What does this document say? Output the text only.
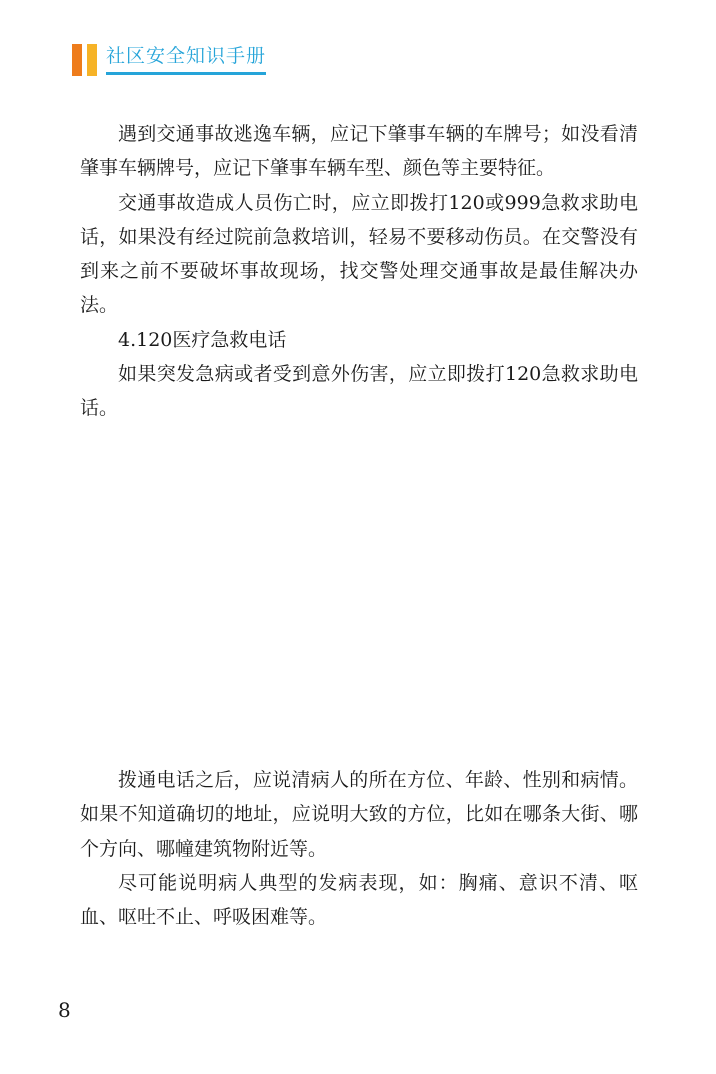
社区安全知识手册

遇到交通事故逃逸车辆，应记下肇事车辆的车牌号；如没看清肇事车辆牌号，应记下肇事车辆车型、颜色等主要特征。

交通事故造成人员伤亡时，应立即拨打120或999急救求助电话，如果没有经过院前急救培训，轻易不要移动伤员。在交警没有到来之前不要破坏事故现场，找交警处理交通事故是最佳解决办法。

4.120医疗急救电话

如果突发急病或者受到意外伤害，应立即拨打120急救求助电话。

拨通电话之后，应说清病人的所在方位、年龄、性别和病情。如果不知道确切的地址，应说明大致的方位，比如在哪条大街、哪个方向、哪幢建筑物附近等。

尽可能说明病人典型的发病表现，如：胸痛、意识不清、呕血、呕吐不止、呼吸困难等。

8
